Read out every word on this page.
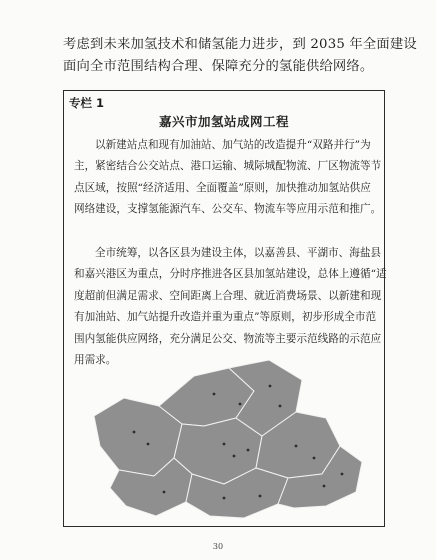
考虑到未来加氢技术和储氢能力进步，到 2035 年全面建设
面向全市范围结构合理、保障充分的氢能供给网络。
专栏 1
嘉兴市加氢站成网工程
以新建站点和现有加油站、加气站的改造提升“双路并行”为
主，紧密结合公交站点、港口运输、城际城配物流、厂区物流等节
点区域，按照“经济适用、全面覆盖”原则，加快推动加氢站供应
网络建设，支撑氢能源汽车、公交车、物流车等应用示范和推广。
全市统筹，以各区县为建设主体，以嘉善县、平湖市、海盐县
和嘉兴港区为重点，分时序推进各区县加氢站建设，总体上遵循“适
度超前但满足需求、空间距离上合理、就近消费场景、以新建和现
有加油站、加气站提升改造并重为重点”等原则，初步形成全市范
围内氢能供应网络，充分满足公交、物流等主要示范线路的示范应
用需求。
30
